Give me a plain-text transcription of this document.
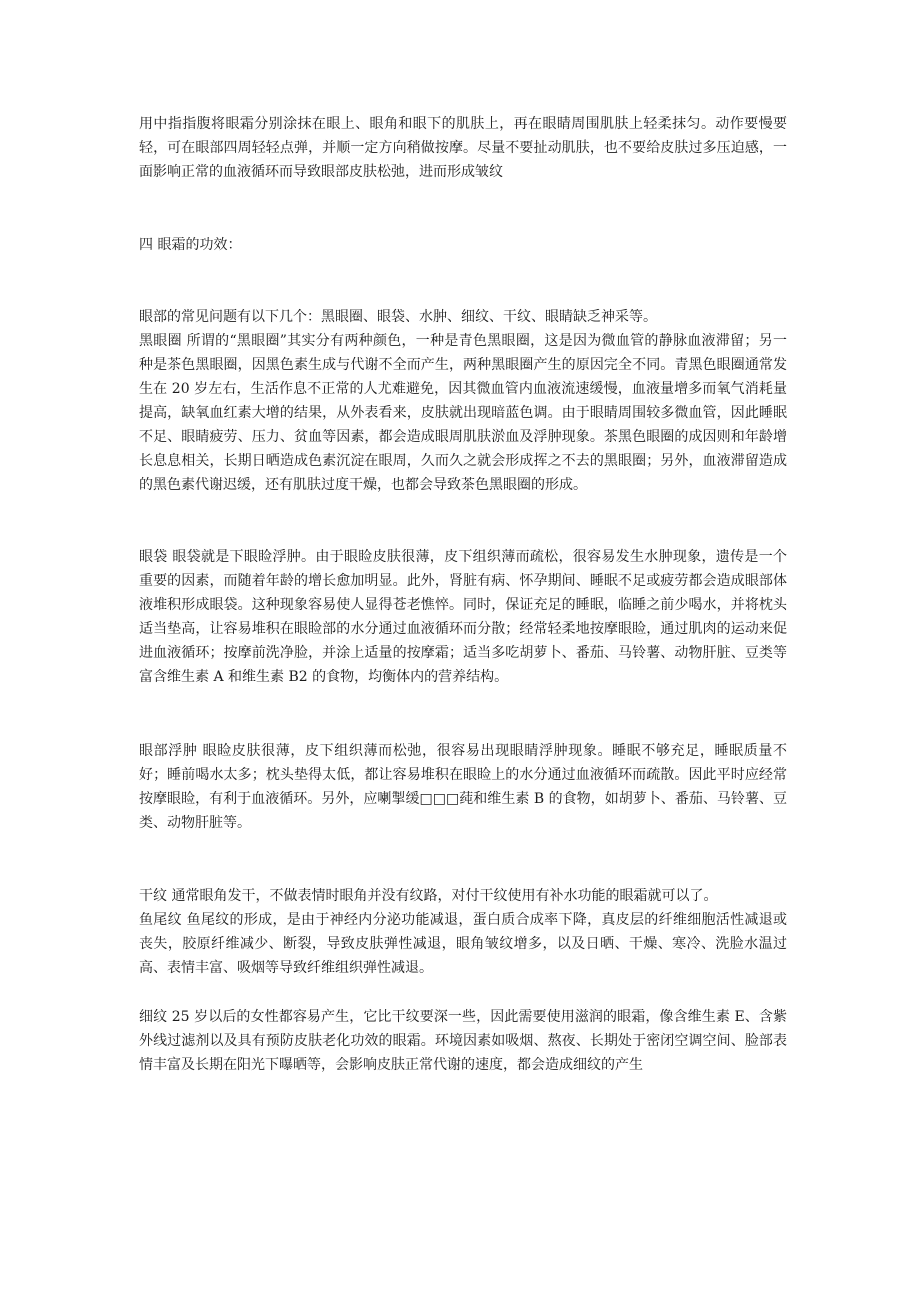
用中指指腹将眼霜分别涂抹在眼上、眼角和眼下的肌肤上，再在眼睛周围肌肤上轻柔抹匀。动作要慢要轻，可在眼部四周轻轻点弹，并顺一定方向稍做按摩。尽量不要扯动肌肤，也不要给皮肤过多压迫感，一面影响正常的血液循环而导致眼部皮肤松弛，进而形成皱纹

四 眼霜的功效：

眼部的常见问题有以下几个：黑眼圈、眼袋、水肿、细纹、干纹、眼睛缺乏神采等。

黑眼圈 所谓的“黑眼圈”其实分有两种颜色，一种是青色黑眼圈，这是因为微血管的静脉血液滞留；另一种是茶色黑眼圈，因黑色素生成与代谢不全而产生，两种黑眼圈产生的原因完全不同。青黑色眼圈通常发生在 20 岁左右，生活作息不正常的人尤难避免，因其微血管内血液流速缓慢，血液量增多而氧气消耗量提高，缺氧血红素大增的结果，从外表看来，皮肤就出现暗蓝色调。由于眼睛周围较多微血管，因此睡眠不足、眼睛疲劳、压力、贫血等因素，都会造成眼周肌肤淤血及浮肿现象。茶黑色眼圈的成因则和年龄增长息息相关，长期日晒造成色素沉淀在眼周，久而久之就会形成挥之不去的黑眼圈；另外，血液滞留造成的黑色素代谢迟缓，还有肌肤过度干燥，也都会导致茶色黑眼圈的形成。

眼袋 眼袋就是下眼睑浮肿。由于眼睑皮肤很薄，皮下组织薄而疏松，很容易发生水肿现象，遗传是一个重要的因素，而随着年龄的增长愈加明显。此外，肾脏有病、怀孕期间、睡眠不足或疲劳都会造成眼部体液堆积形成眼袋。这种现象容易使人显得苍老憔悴。同时，保证充足的睡眠，临睡之前少喝水，并将枕头适当垫高，让容易堆积在眼睑部的水分通过血液循环而分散；经常轻柔地按摩眼睑，通过肌肉的运动来促进血液循环；按摩前洗净脸，并涂上适量的按摩霜；适当多吃胡萝卜、番茄、马铃薯、动物肝脏、豆类等富含维生素 A 和维生素 B2 的食物，均衡体内的营养结构。

眼部浮肿 眼睑皮肤很薄，皮下组织薄而松弛，很容易出现眼睛浮肿现象。睡眠不够充足，睡眠质量不好；睡前喝水太多；枕头垫得太低，都让容易堆积在眼睑上的水分通过血液循环而疏散。因此平时应经常按摩眼睑，有利于血液循环。另外，应喇掣缓□□□莼和维生素 B 的食物，如胡萝卜、番茄、马铃薯、豆类、动物肝脏等。

干纹 通常眼角发干，不做表情时眼角并没有纹路，对付干纹使用有补水功能的眼霜就可以了。

鱼尾纹 鱼尾纹的形成，是由于神经内分泌功能减退，蛋白质合成率下降，真皮层的纤维细胞活性减退或丧失，胶原纤维减少、断裂，导致皮肤弹性减退，眼角皱纹增多，以及日晒、干燥、寒冷、洗脸水温过高、表情丰富、吸烟等导致纤维组织弹性减退。

细纹 25 岁以后的女性都容易产生，它比干纹要深一些，因此需要使用滋润的眼霜，像含维生素 E、含紫外线过滤剂以及具有预防皮肤老化功效的眼霜。环境因素如吸烟、熬夜、长期处于密闭空调空间、脸部表情丰富及长期在阳光下曝晒等，会影响皮肤正常代谢的速度，都会造成细纹的产生
